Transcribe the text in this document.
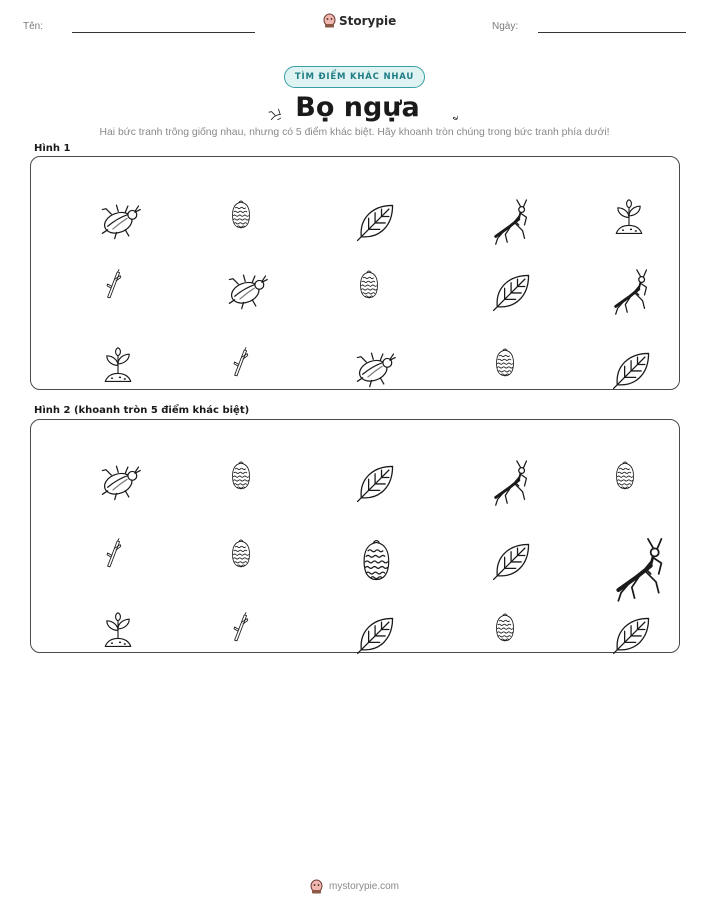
Tên:	Storypie	Ngày:
TÌM ĐIỂM KHÁC NHAU
Bọ ngựa
Hai bức tranh trông giống nhau, nhưng có 5 điểm khác biệt. Hãy khoanh tròn chúng trong bức tranh phía dưới!
Hình 1
Hình 2 (khoanh tròn 5 điểm khác biệt)
mystorypie.com
